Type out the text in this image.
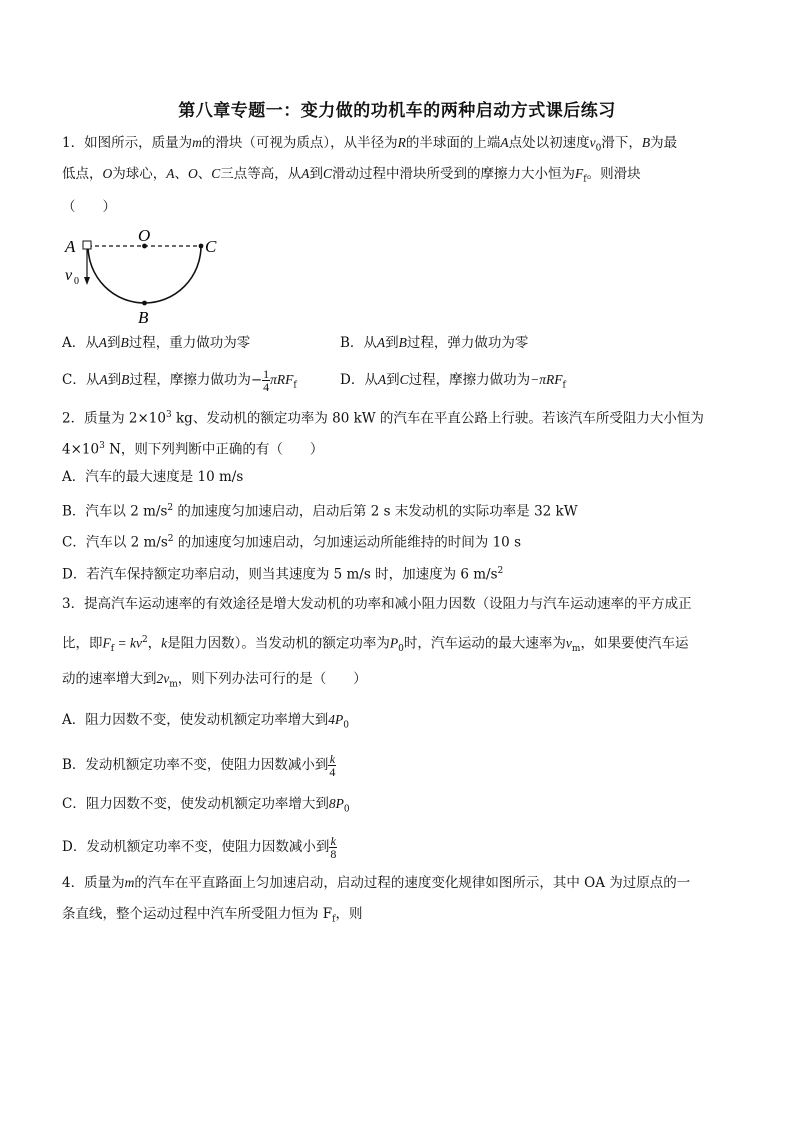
第八章专题一：变力做的功机车的两种启动方式课后练习
1．如图所示，质量为m的滑块（可视为质点），从半径为R的半球面的上端A点处以初速度$v_0$滑下，B为最
低点，O为球心，A、O、C三点等高，从A到C滑动过程中滑块所受到的摩擦力大小恒为$F_f$。则滑块
（　　）
A
O
C
B
v 0
A．从A到B过程，重力做功为零	B．从A到B过程，弹力做功为零
C．从A到B过程，摩擦力做功为− $\frac{1}{4} \pi RF_f$	D．从A到C过程，摩擦力做功为−πRF$_f$
2．质量为 $2\times 10^3$ kg、发动机的额定功率为 80 kW 的汽车在平直公路上行驶。若该汽车所受阻力大小恒为
$4\times 10^3$ N，则下列判断中正确的有（　　）
A．汽车的最大速度是 10 m/s
B．汽车以 2 $m/s^2$ 的加速度匀加速启动，启动后第 2 s 末发动机的实际功率是 32 kW
C．汽车以 2 $m/s^2$ 的加速度匀加速启动，匀加速运动所能维持的时间为 10 s
D．若汽车保持额定功率启动，则当其速度为 5 m/s 时，加速度为 6 $m/s^2$
3．提高汽车运动速率的有效途径是增大发动机的功率和减小阻力因数（设阻力与汽车运动速率的平方成正
比，即$F_f = kv^2$，k是阻力因数）。当发动机的额定功率为$P_0$时，汽车运动的最大速率为$v_m$，如果要使汽车运
动的速率增大到$2v_m$，则下列办法可行的是（　　）
A．阻力因数不变，使发动机额定功率增大到$4P_0$
B．发动机额定功率不变，使阻力因数减小到 $\frac{k}{4}$
C．阻力因数不变，使发动机额定功率增大到$8P_0$
D．发动机额定功率不变，使阻力因数减小到 $\frac{k}{8}$
4．质量为m的汽车在平直路面上匀加速启动，启动过程的速度变化规律如图所示，其中 OA 为过原点的一
条直线，整个运动过程中汽车所受阻力恒为 $F_f$，则
